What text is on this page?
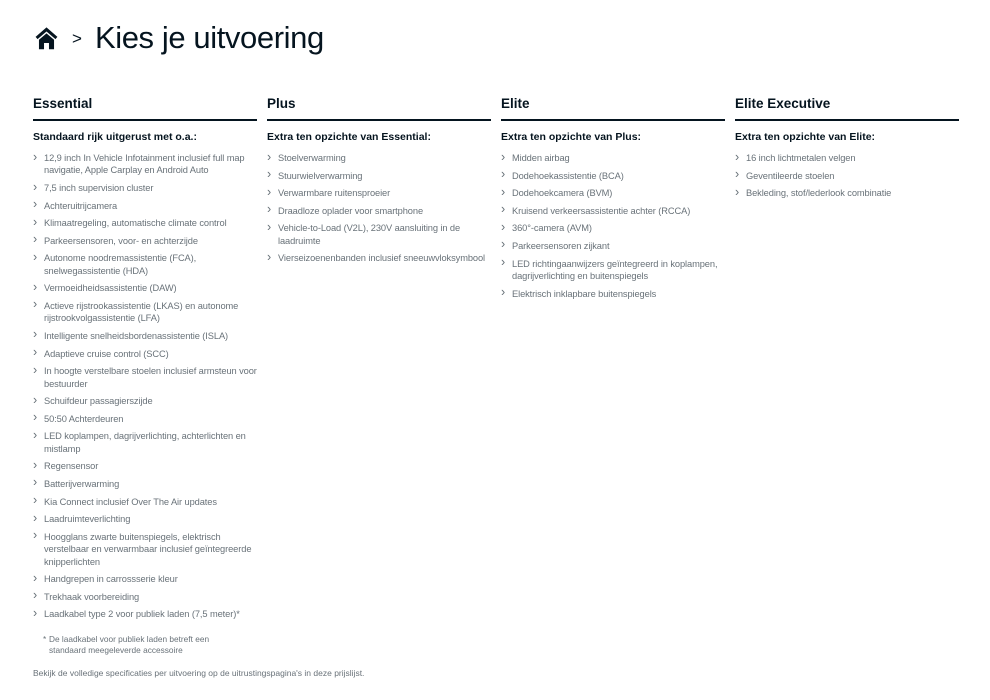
> Kies je uitvoering
Essential

Standaard rijk uitgerust met o.a.:

› 12,9 inch In Vehicle Infotainment inclusief full map navigatie, Apple Carplay en Android Auto
› 7,5 inch supervision cluster
› Achteruitrijcamera
› Klimaatregeling, automatische climate control
› Parkeersensoren, voor- en achterzijde
› Autonome noodremassistentie (FCA), snelwegassistentie (HDA)
› Vermoeidheidsassistentie (DAW)
› Actieve rijstrookassistentie (LKAS) en autonome rijstrookvolgassistentie (LFA)
› Intelligente snelheidsbordenassistentie (ISLA)
› Adaptieve cruise control (SCC)
› In hoogte verstelbare stoelen inclusief armsteun voor bestuurder
› Schuifdeur passagierszijde
› 50:50 Achterdeuren
› LED koplampen, dagrijverlichting, achterlichten en mistlamp
› Regensensor
› Batterijverwarming
› Kia Connect inclusief Over The Air updates
› Laadruimteverlichting
› Hoogglans zwarte buitenspiegels, elektrisch verstelbaar en verwarmbaar inclusief geïntegreerde knipperlichten
› Handgrepen in carrossserie kleur
› Trekhaak voorbereiding
› Laadkabel type 2 voor publiek laden (7,5 meter)*
Plus

Extra ten opzichte van Essential:

› Stoelverwarming
› Stuurwielverwarming
› Verwarmbare ruitensproeier
› Draadloze oplader voor smartphone
› Vehicle-to-Load (V2L), 230V aansluiting in de laadruimte
› Vierseizoenenbanden inclusief sneeuwvloksymbool
Elite

Extra ten opzichte van Plus:

› Midden airbag
› Dodehoekassistentie (BCA)
› Dodehoekcamera (BVM)
› Kruisend verkeersassistentie achter (RCCA)
› 360°-camera (AVM)
› Parkeersensoren zijkant
› LED richtingaanwijzers geïntegreerd in koplampen, dagrijverlichting en buitenspiegels
› Elektrisch inklapbare buitenspiegels
Elite Executive

Extra ten opzichte van Elite:

› 16 inch lichtmetalen velgen
› Geventileerde stoelen
› Bekleding, stof/lederlook combinatie
* De laadkabel voor publiek laden betreft een standaard meegeleverde accessoire

Bekijk de volledige specificaties per uitvoering op de uitrustingspagina's in deze prijslijst.
